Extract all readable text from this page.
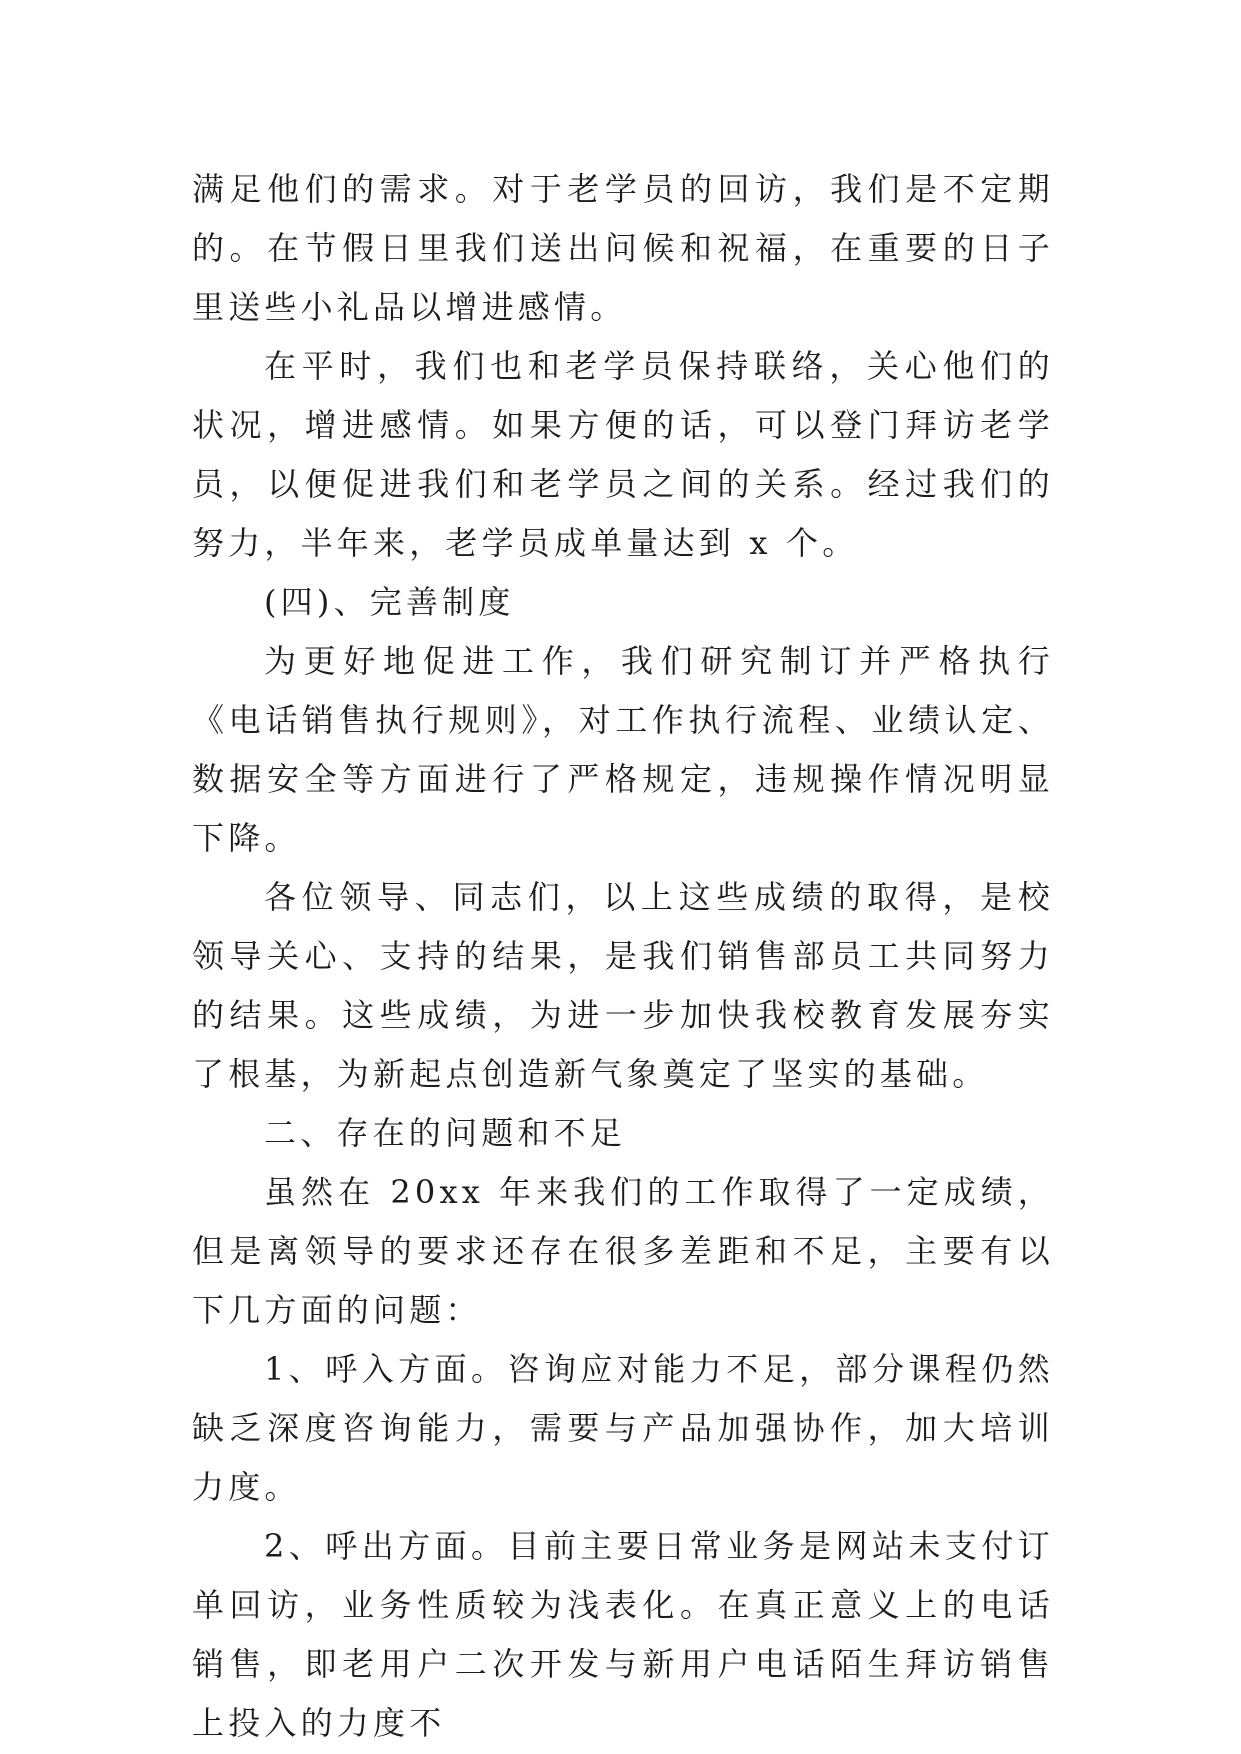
满足他们的需求。对于老学员的回访，我们是不定期的。在节假日里我们送出问候和祝福，在重要的日子里送些小礼品以增进感情。

在平时，我们也和老学员保持联络，关心他们的状况，增进感情。如果方便的话，可以登门拜访老学员，以便促进我们和老学员之间的关系。经过我们的努力，半年来，老学员成单量达到 x 个。

(四)、完善制度

为更好地促进工作，我们研究制订并严格执行《电话销售执行规则》，对工作执行流程、业绩认定、数据安全等方面进行了严格规定，违规操作情况明显下降。

各位领导、同志们，以上这些成绩的取得，是校领导关心、支持的结果，是我们销售部员工共同努力的结果。这些成绩，为进一步加快我校教育发展夯实了根基，为新起点创造新气象奠定了坚实的基础。

二、存在的问题和不足

虽然在 20xx 年来我们的工作取得了一定成绩，但是离领导的要求还存在很多差距和不足，主要有以下几方面的问题：

1、呼入方面。咨询应对能力不足，部分课程仍然缺乏深度咨询能力，需要与产品加强协作，加大培训力度。

2、呼出方面。目前主要日常业务是网站未支付订单回访，业务性质较为浅表化。在真正意义上的电话销售，即老用户二次开发与新用户电话陌生拜访销售上投入的力度不
